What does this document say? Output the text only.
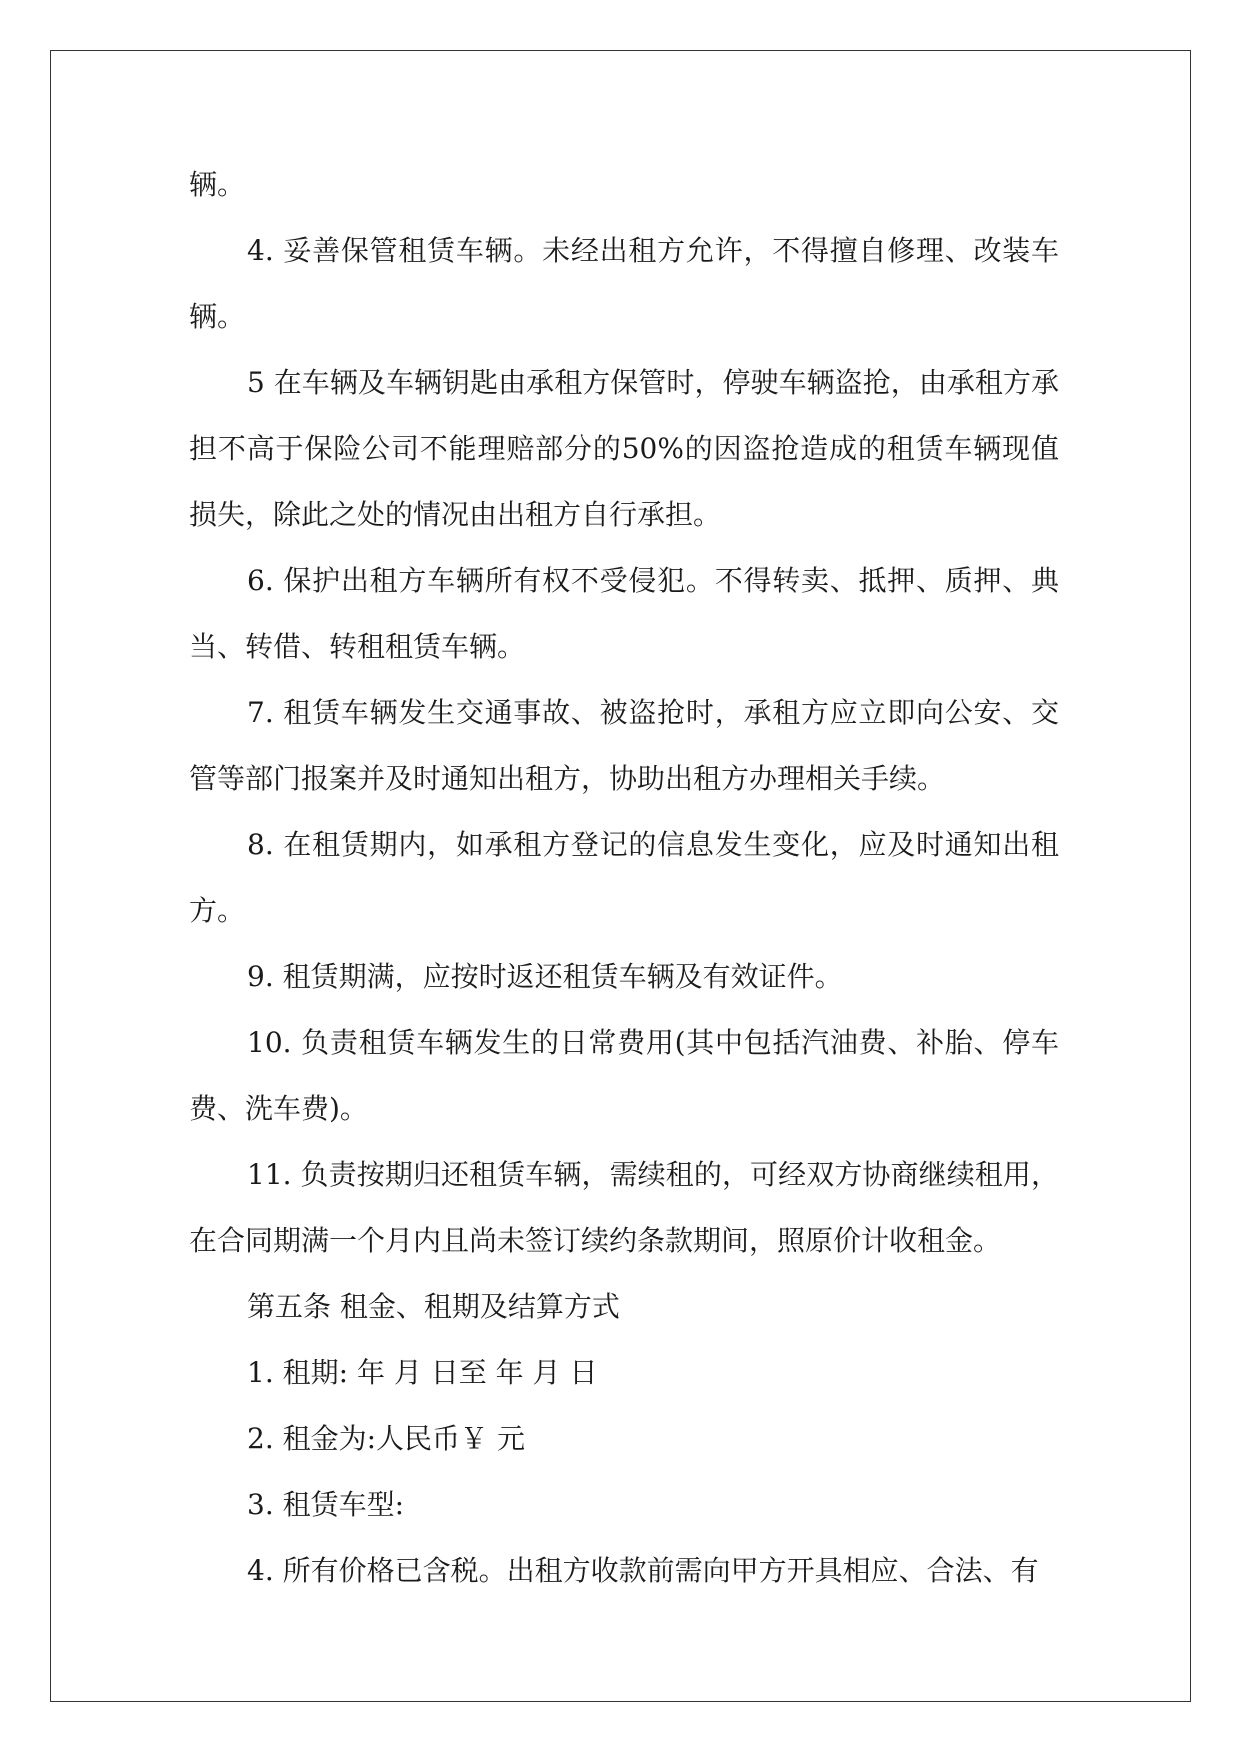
辆。

4. 妥善保管租赁车辆。未经出租方允许，不得擅自修理、改装车辆。

5 在车辆及车辆钥匙由承租方保管时，停驶车辆盗抢，由承租方承担不高于保险公司不能理赔部分的50%的因盗抢造成的租赁车辆现值损失，除此之处的情况由出租方自行承担。

6. 保护出租方车辆所有权不受侵犯。不得转卖、抵押、质押、典当、转借、转租租赁车辆。

7. 租赁车辆发生交通事故、被盗抢时，承租方应立即向公安、交管等部门报案并及时通知出租方，协助出租方办理相关手续。

8. 在租赁期内，如承租方登记的信息发生变化，应及时通知出租方。

9. 租赁期满，应按时返还租赁车辆及有效证件。

10. 负责租赁车辆发生的日常费用(其中包括汽油费、补胎、停车费、洗车费)。

11. 负责按期归还租赁车辆，需续租的，可经双方协商继续租用，在合同期满一个月内且尚未签订续约条款期间，照原价计收租金。

第五条 租金、租期及结算方式

1. 租期: 年 月 日至 年 月 日

2. 租金为:人民币￥ 元

3. 租赁车型:

4. 所有价格已含税。出租方收款前需向甲方开具相应、合法、有
